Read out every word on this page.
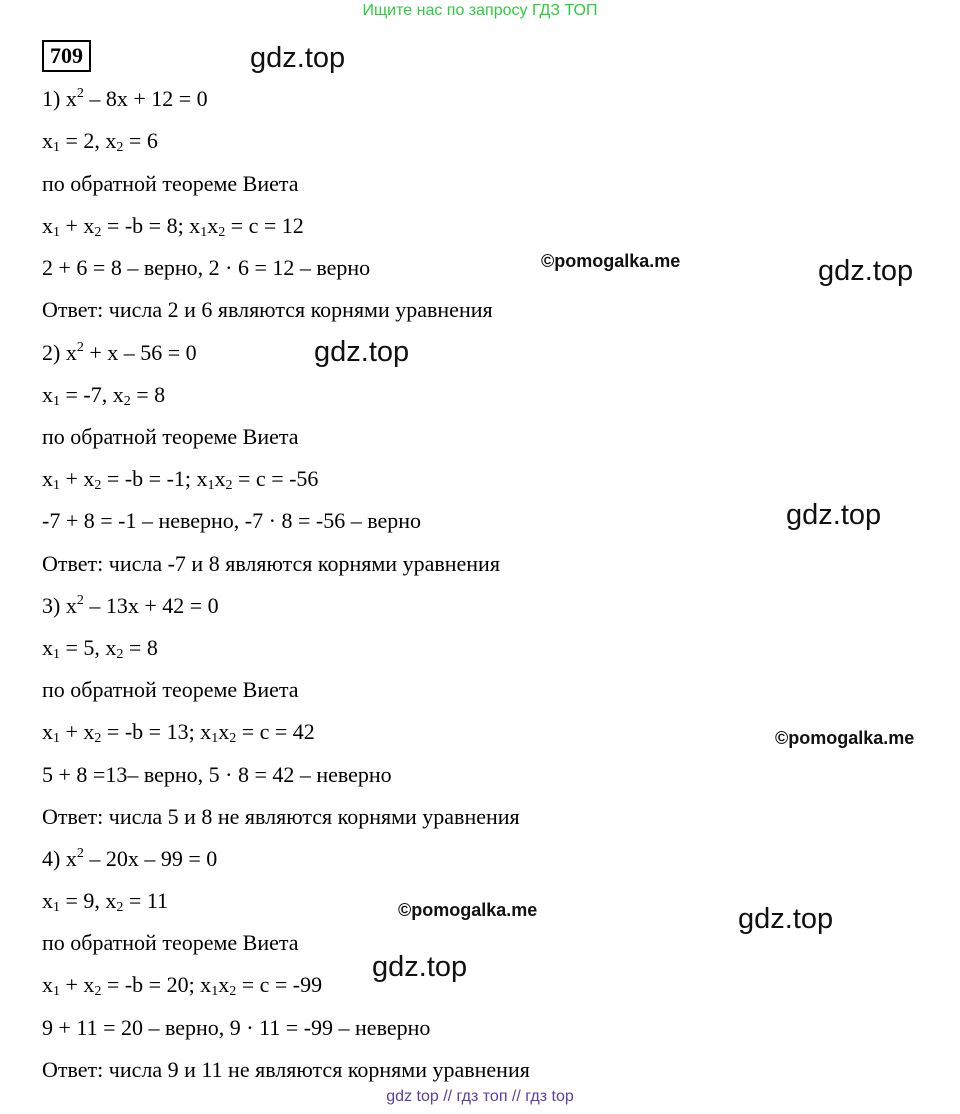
Ищите нас по запросу ГДЗ ТОП
709
1) $x^2 - 8x + 12 = 0$
$x_1 = 2$, $x_2 = 6$
по обратной теореме Виета
$x_1 + x_2 = -b = 8$; $x_1x_2 = c = 12$
2 + 6 = 8 – верно, 2 · 6 = 12 – верно
Ответ: числа 2 и 6 являются корнями уравнения
2) $x^2 + x - 56 = 0$
$x_1 = -7$, $x_2 = 8$
по обратной теореме Виета
$x_1 + x_2 = -b = -1$; $x_1x_2 = c = -56$
-7 + 8 = -1 – неверно, -7 · 8 = -56 – верно
Ответ: числа -7 и 8 являются корнями уравнения
3) $x^2 - 13x + 42 = 0$
$x_1 = 5$, $x_2 = 8$
по обратной теореме Виета
$x_1 + x_2 = -b = 13$; $x_1x_2 = c = 42$
5 + 8 =13– верно, 5 · 8 = 42 – неверно
Ответ: числа 5 и 8 не являются корнями уравнения
4) $x^2 - 20x - 99 = 0$
$x_1 = 9$, $x_2 = 11$
по обратной теореме Виета
$x_1 + x_2 = -b = 20$; $x_1x_2 = c = -99$
9 + 11 = 20 – верно, 9 · 11 = -99 – неверно
Ответ: числа 9 и 11 не являются корнями уравнения
gdz.top
gdz.top
gdz.top
gdz.top
gdz.top
gdz.top
©pomogalka.me
©pomogalka.me
©pomogalka.me
gdz top // гдз топ // гдз top
